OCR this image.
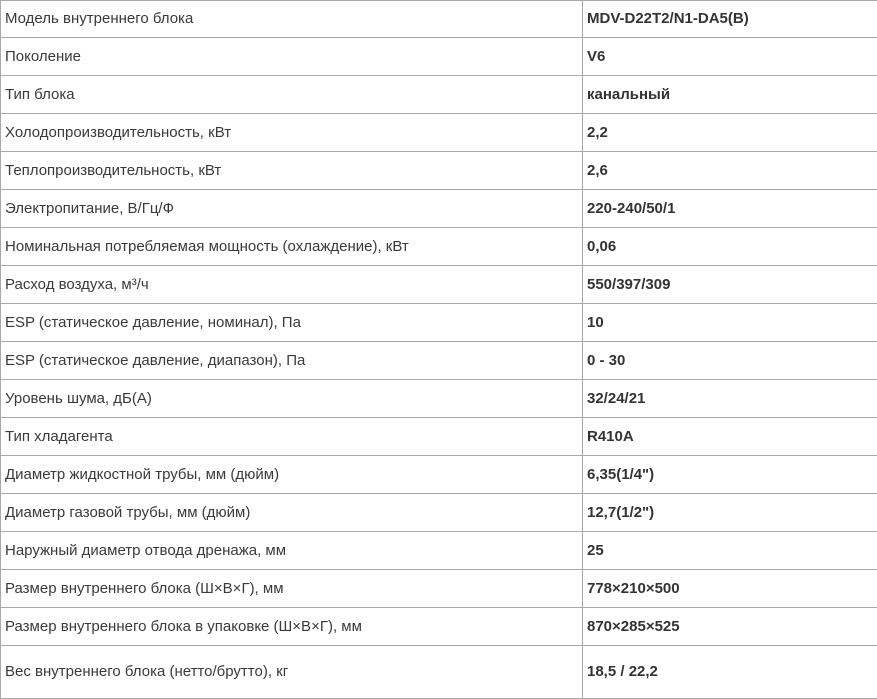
Модель внутреннего блока	MDV-D22T2/N1-DA5(B)
Поколение	V6
Тип блока	канальный
Холодопроизводительность, кВт	2,2
Теплопроизводительность, кВт	2,6
Электропитание, В/Гц/Ф	220-240/50/1
Номинальная потребляемая мощность (охлаждение), кВт	0,06
Расход воздуха, м³/ч	550/397/309
ESP (статическое давление, номинал), Па	10
ESP (статическое давление, диапазон), Па	0 - 30
Уровень шума, дБ(А)	32/24/21
Тип хладагента	R410A
Диаметр жидкостной трубы, мм (дюйм)	6,35(1/4")
Диаметр газовой трубы, мм (дюйм)	12,7(1/2")
Наружный диаметр отвода дренажа, мм	25
Размер внутреннего блока (Ш×В×Г), мм	778×210×500
Размер внутреннего блока в упаковке (Ш×В×Г), мм	870×285×525
Вес внутреннего блока (нетто/брутто), кг	18,5 / 22,2
